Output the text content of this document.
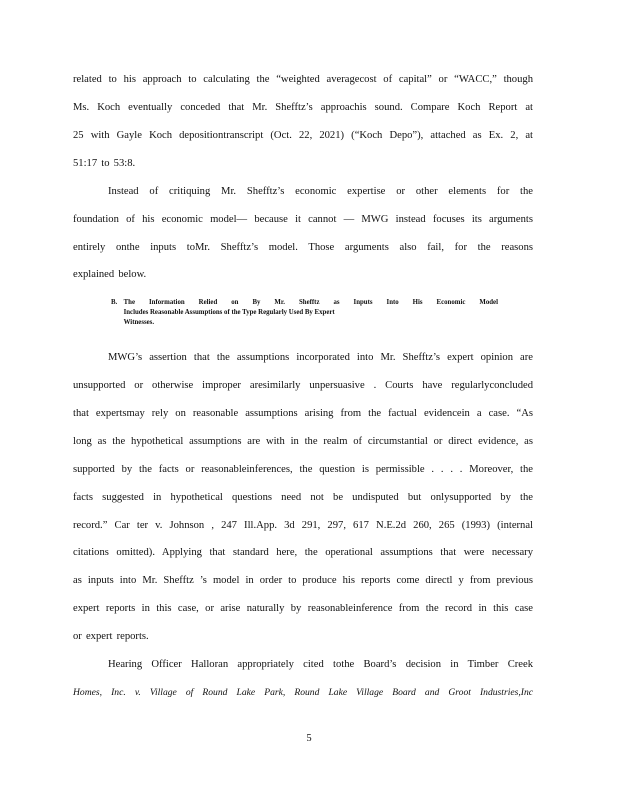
related to his approach to calculating the “weighted averagecost of capital” or “WACC,” though
Ms. Koch eventually conceded that Mr. Shefftz’s approachis sound. Compare Koch Report at
25 with Gayle Koch depositiontranscript (Oct. 22, 2021) (“Koch Depo”), attached as Ex. 2, at
51:17 to 53:8.
Instead of critiquing Mr. Shefftz’s economic expertise or other elements for the
foundation of his economic model— because it cannot — MWG instead focuses its arguments
entirely onthe inputs toMr. Shefftz’s model. Those arguments also fail, for the reasons
explained below.
B. The Information Relied on By Mr. Shefftz as Inputs Into His Economic Model
Includes Reasonable Assumptions of the Type Regularly Used By Expert
Witnesses.
MWG’s assertion that the assumptions incorporated into Mr. Shefftz’s expert opinion are
unsupported or otherwise improper aresimilarly unpersuasive . Courts have regularlyconcluded
that expertsmay rely on reasonable assumptions arising from the factual evidencein a case. “As
long as the hypothetical assumptions are with in the realm of circumstantial or direct evidence, as
supported by the facts or reasonableinferences, the question is permissible . . . . Moreover, the
facts suggested in hypothetical questions need not be undisputed but onlysupported by the
record.” Car ter v. Johnson , 247 Ill.App. 3d 291, 297, 617 N.E.2d 260, 265 (1993) (internal
citations omitted). Applying that standard here, the operational assumptions that were necessary
as inputs into Mr. Shefftz ’s model in order to produce his reports come directl y from previous
expert reports in this case, or arise naturally by reasonableinference from the record in this case
or expert reports.
Hearing Officer Halloran appropriately cited tothe Board’s decision in Timber Creek
Homes, Inc. v. Village of Round Lake Park, Round Lake Village Board and Groot Industries,Inc
5
